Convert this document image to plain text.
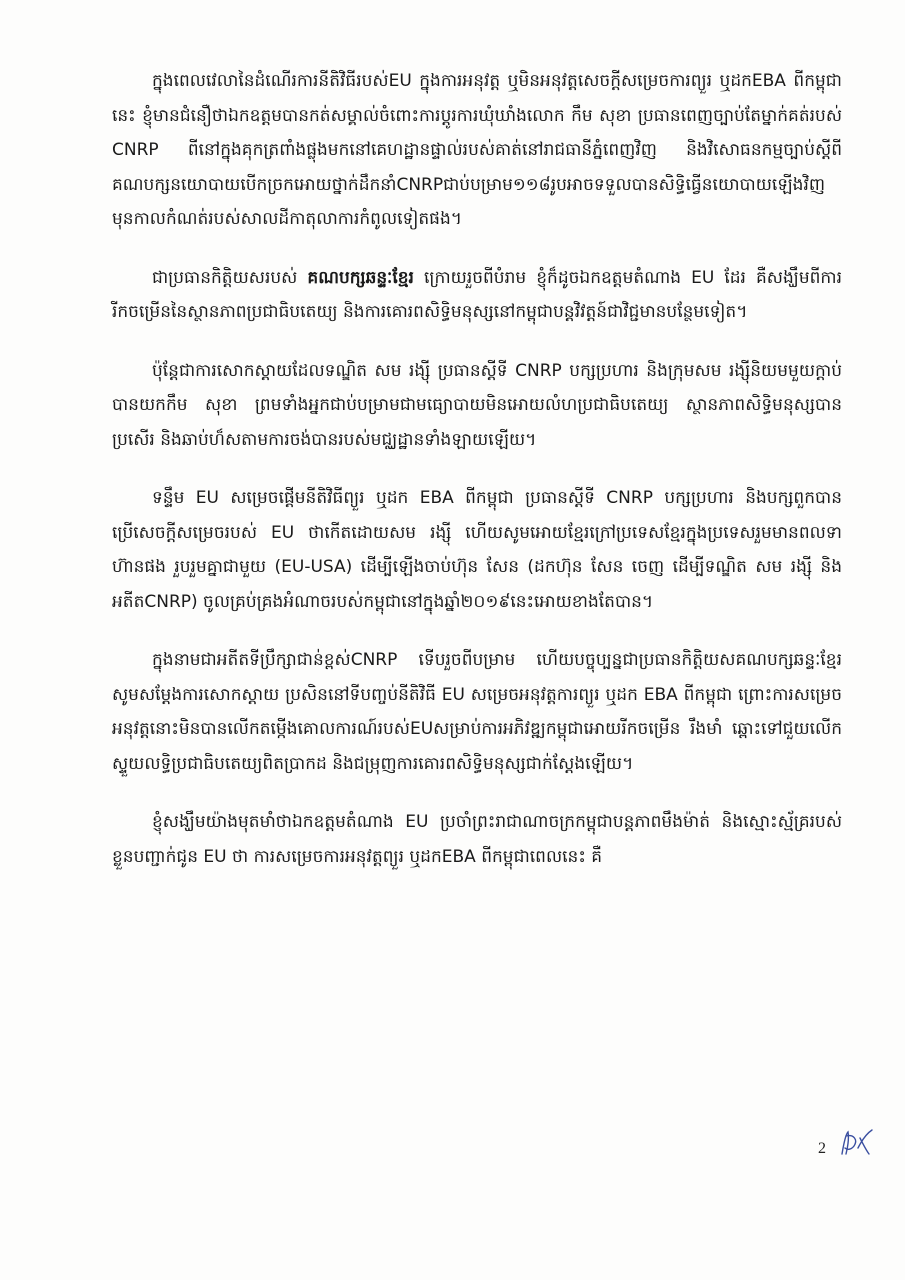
ក្នុងពេលវេលានៃដំណើរការនីតិវិធីរបស់EU ក្នុងការអនុវត្ត ឬមិនអនុវត្តសេចក្តីសម្រេចការព្យួរ ឬដកEBA ពីកម្ពុជានេះ ខ្ញុំមានជំនឿថាឯកឧត្តមបានកត់សម្គាល់ចំពោះការប្តូរការឃុំឃាំងលោក កឹម សុខា ប្រធានពេញច្បាប់តែម្នាក់គត់របស់ CNRP ពីនៅក្នុងគុកត្រពាំងផ្លុងមកនៅគេហដ្ឋានផ្ទាល់របស់គាត់នៅរាជធានីភ្នំពេញវិញ និងវិសោធនកម្មច្បាប់ស្តីពីគណបក្សនយោបាយបើកច្រកអោយថ្នាក់ដឹកនាំCNRPជាប់បម្រាម១១៨រូបអាចទទួលបានសិទ្ធិធ្វើនយោបាយឡើងវិញមុនកាលកំណត់របស់សាលដីកាតុលាការកំពូលទៀតផង។

ជាប្រធានកិត្តិយសរបស់ គណបក្សឆន្ទៈខ្មែរ ក្រោយរួចពីបំរាម ខ្ញុំក៏ដូចឯកឧត្តមតំណាង EU ដែរ គឺសង្ឃឹមពីការរីកចម្រើននៃស្ថានភាពប្រជាធិបតេយ្យ និងការគោរពសិទ្ធិមនុស្សនៅកម្ពុជាបន្តវិវត្តន៍ជាវិជ្ជមានបន្ថែមទៀត។

ប៉ុន្តែជាការសោកស្តាយដែលទណ្ឌិត សម រង្ស៊ី ប្រធានស្តីទី CNRP បក្សប្រហារ និងក្រុមសម រង្ស៊ីនិយមមួយក្តាប់បានយកកឹម សុខា ព្រមទាំងអ្នកជាប់បម្រាមជាមធ្យោបាយមិនអោយលំហប្រជាធិបតេយ្យ ស្ថានភាពសិទ្ធិមនុស្សបានប្រសើរ និងឆាប់ហ៏សតាមការចង់បានរបស់មជ្ឈដ្ឋានទាំងឡាយឡើយ។

ទន្ទឹម EU សម្រេចផ្តើមនីតិវិធីព្យួរ ឬដក EBA ពីកម្ពុជា ប្រធានស្តីទី CNRP បក្សប្រហារ និងបក្សពួកបានប្រើសេចក្តីសម្រេចរបស់ EU ថាកើតដោយសម រង្ស៊ី ហើយសូមអោយខ្មែរក្រៅប្រទេសខ្មែរក្នុងប្រទេសរួមមានពលទាហ៊ានផង រួបរួមគ្នាជាមួយ (EU-USA) ដើម្បីឡើងចាប់ហ៊ុន សែន (ដកហ៊ុន សែន ចេញ ដើម្បីទណ្ឌិត សម រង្ស៊ី និងអតីតCNRP) ចូលគ្រប់គ្រងអំណាចរបស់កម្ពុជានៅក្នុងឆ្នាំ២០១៩នេះអោយខាងតែបាន។

ក្នុងនាមជាអតីតទីប្រឹក្សាជាន់ខ្ពស់CNRP ទើបរួចពីបម្រាម ហើយបច្ចុប្បន្នជាប្រធានកិត្តិយសគណបក្សឆន្ទៈខ្មែរ សូមសម្តែងការសោកស្តាយ ប្រសិននៅទីបញ្ចប់នីតិវិធី EU សម្រេចអនុវត្តការព្យួរ ឬដក EBA ពីកម្ពុជា ព្រោះការសម្រេចអនុវត្តនោះមិនបានលើកតម្កើងគោលការណ៍របស់EUសម្រាប់ការអភិវឌ្ឍកម្ពុជាអោយរីកចម្រើន រឹងមាំ ឆ្ពោះទៅជួយលើកស្ទួយលទ្ធិប្រជាធិបតេយ្យពិតប្រាកដ និងជម្រុញការគោរពសិទ្ធិមនុស្សជាក់ស្តែងឡើយ។

ខ្ញុំសង្ឃឹមយ៉ាងមុតមាំថាឯកឧត្តមតំណាង EU ប្រចាំព្រះរាជាណាចក្រកម្ពុជាបន្តភាពមឹងម៉ាត់ និងស្មោះស្ម័គ្ររបស់ខ្លួនបញ្ជាក់ជូន EU ថា ការសម្រេចការអនុវត្តព្យួរ ឬដកEBA ពីកម្ពុជាពេលនេះ គឺ

2
